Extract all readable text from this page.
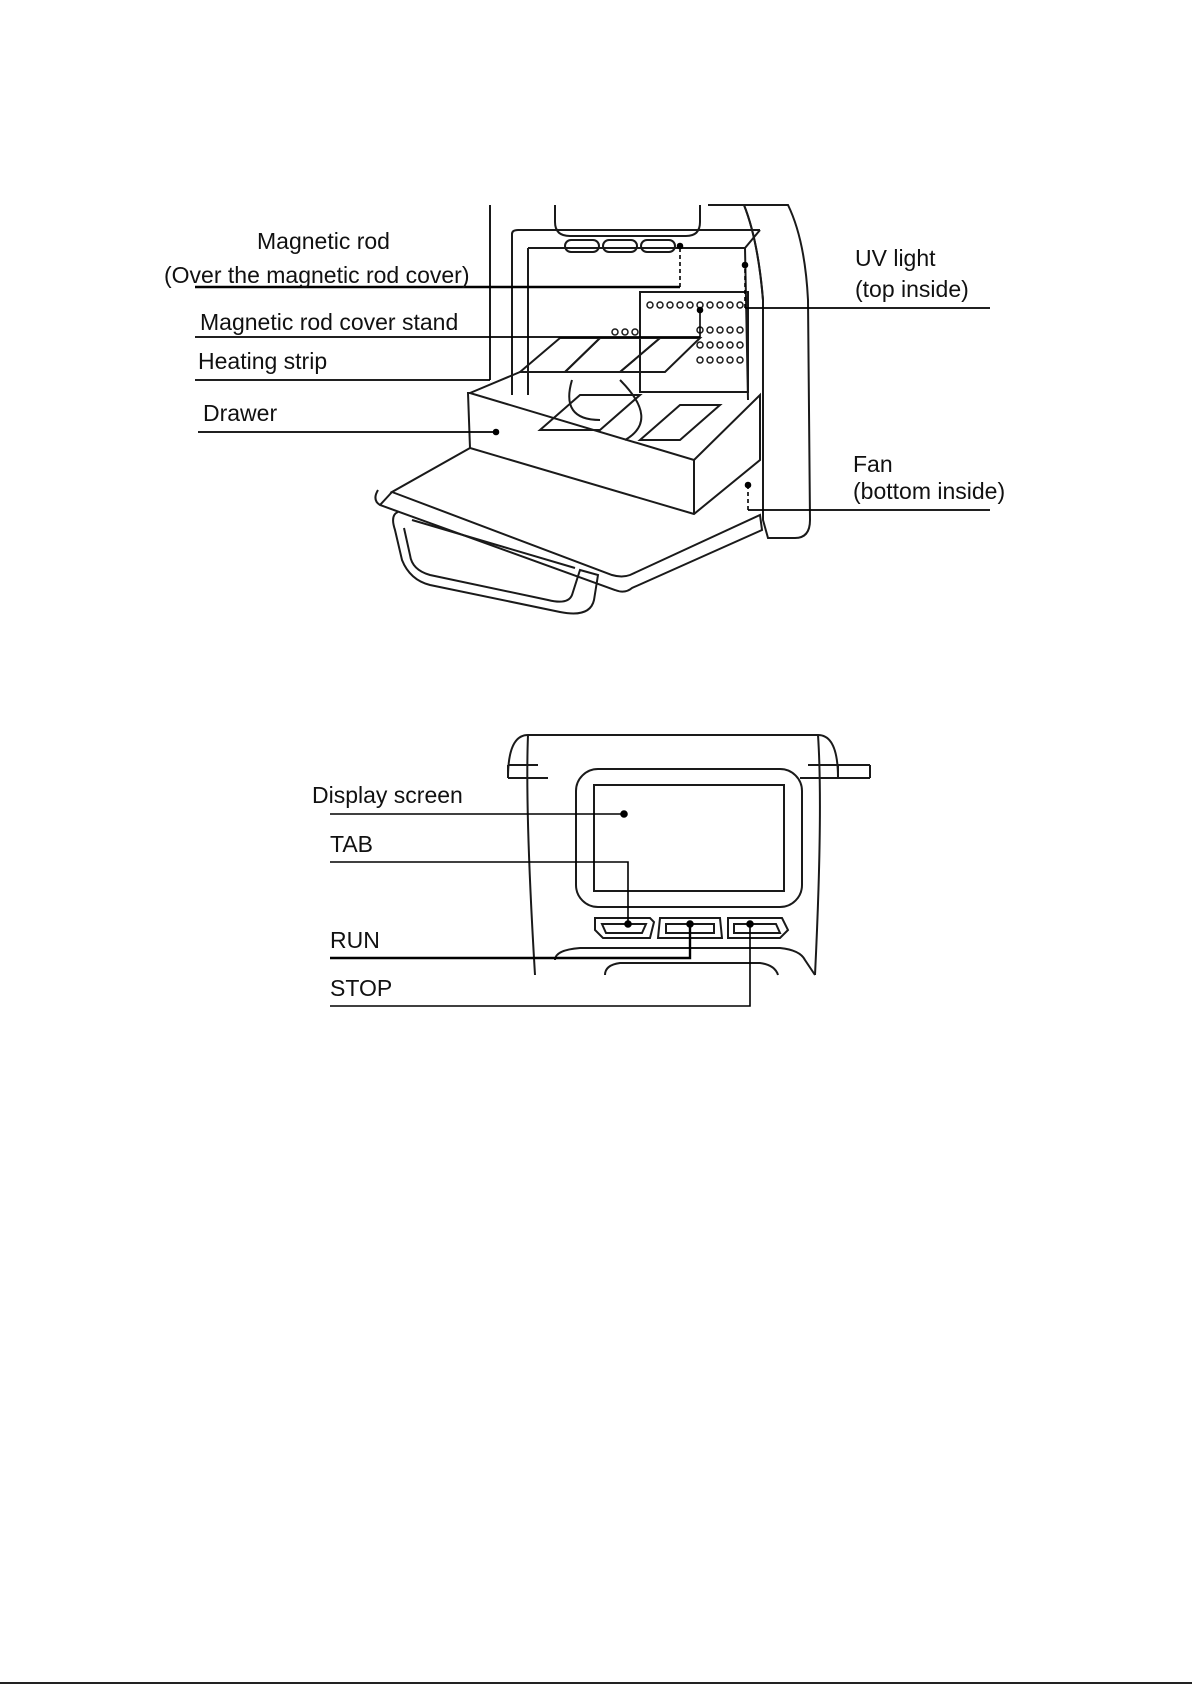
Magnetic rod
(Over the magnetic rod cover)
Magnetic rod cover stand
Heating strip
Drawer
UV light
(top inside)
Fan
(bottom inside)
Display screen
TAB
RUN
STOP
